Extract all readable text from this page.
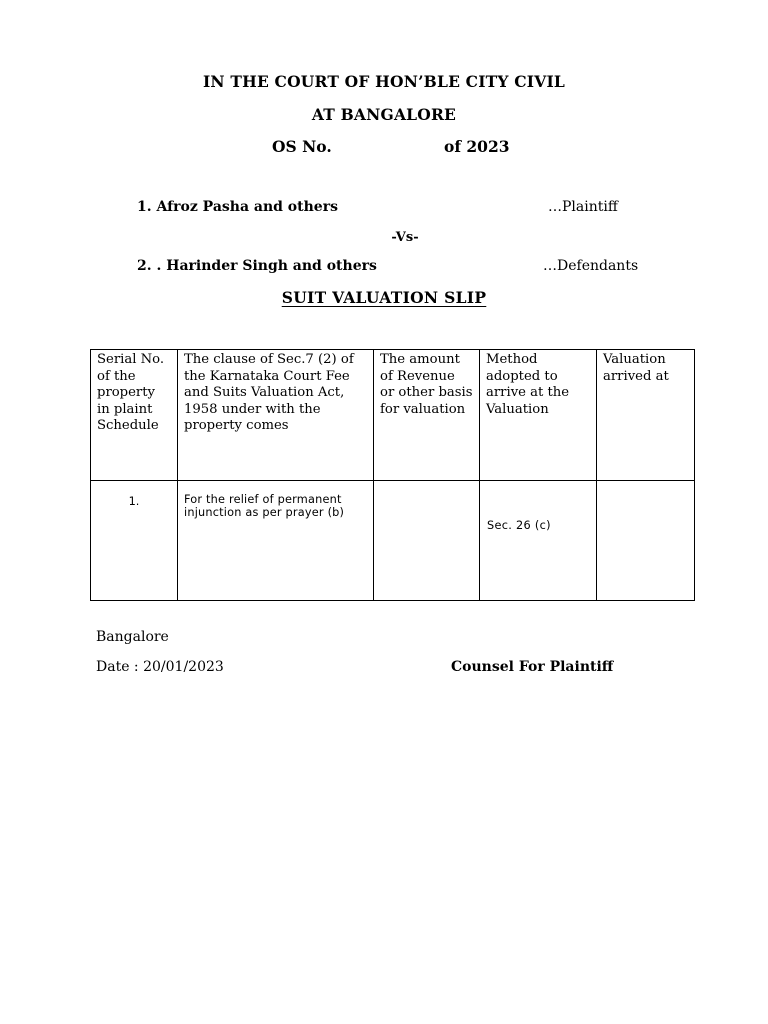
IN THE COURT OF HON’BLE CITY CIVIL
AT BANGALORE
OS No.	of 2023
1. Afroz Pasha and others	…Plaintiff
-Vs-
2. . Harinder Singh and others	…Defendants
SUIT VALUATION SLIP
Serial No. of the property in plaint Schedule	The clause of Sec.7 (2) of the Karnataka Court Fee and Suits Valuation Act, 1958 under with the property comes	The amount of Revenue or other basis for valuation	Method adopted to arrive at the Valuation	Valuation arrived at
1.	For the relief of permanent injunction as per prayer (b)		Sec. 26 (c)	
Bangalore
Date : 20/01/2023	Counsel For Plaintiff
